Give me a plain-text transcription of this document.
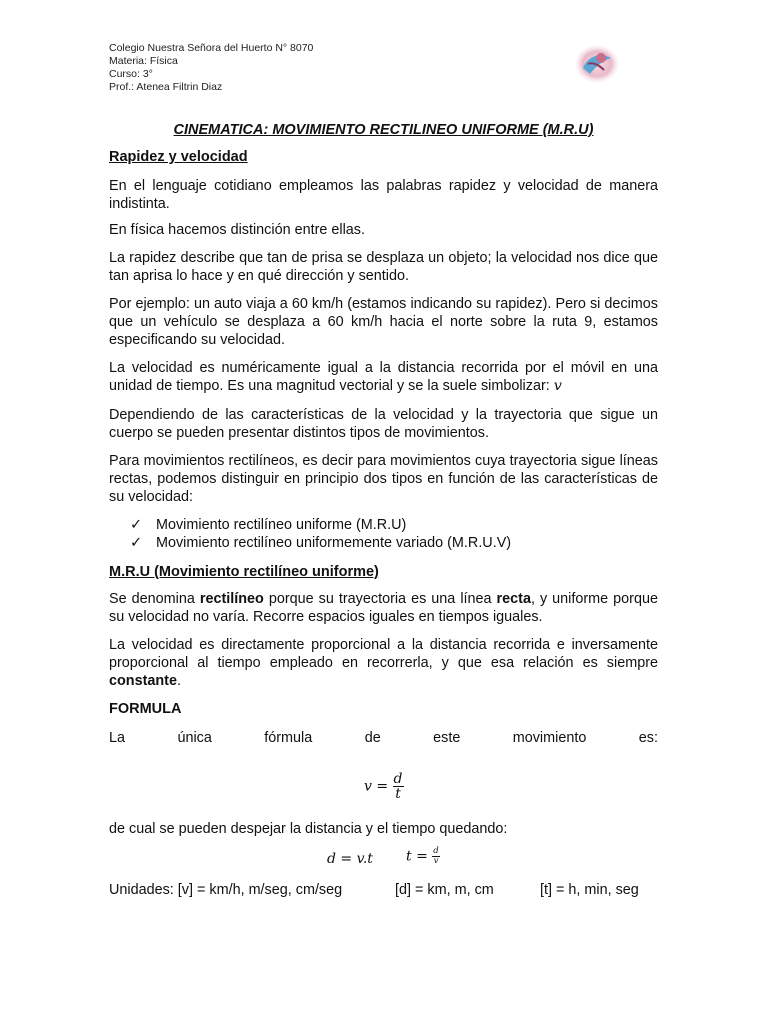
Colegio Nuestra Señora del Huerto N° 8070
Materia: Física
Curso: 3°
Prof.: Atenea Filtrin Diaz
CINEMATICA: MOVIMIENTO RECTILINEO UNIFORME (M.R.U)
Rapidez y velocidad
En el lenguaje cotidiano empleamos las palabras rapidez y velocidad de manera indistinta.
En física hacemos distinción entre ellas.
La rapidez describe que tan de prisa se desplaza un objeto; la velocidad nos dice que tan aprisa lo hace y en qué dirección y sentido.
Por ejemplo: un auto viaja a 60 km/h (estamos indicando su rapidez). Pero si decimos que un vehículo se desplaza a 60 km/h hacia el norte sobre la ruta 9, estamos especificando su velocidad.
La velocidad es numéricamente igual a la distancia recorrida por el móvil en una unidad de tiempo. Es una magnitud vectorial y se la suele simbolizar: v
Dependiendo de las características de la velocidad y la trayectoria que sigue un cuerpo se pueden presentar distintos tipos de movimientos.
Para movimientos rectilíneos, es decir para movimientos cuya trayectoria sigue líneas rectas, podemos distinguir en principio dos tipos en función de las características de su velocidad:
✓ Movimiento rectilíneo uniforme (M.R.U)
✓ Movimiento rectilíneo uniformemente variado (M.R.U.V)
M.R.U (Movimiento rectilíneo uniforme)
Se denomina rectilíneo porque su trayectoria es una línea recta, y uniforme porque su velocidad no varía. Recorre espacios iguales en tiempos iguales.
La velocidad es directamente proporcional a la distancia recorrida e inversamente proporcional al tiempo empleado en recorrerla, y que esa relación es siempre constante.
FORMULA
La	única	fórmula	de	este	movimiento	es:
$v = \frac{d}{t}$
de cual se pueden despejar la distancia y el tiempo quedando:
d = v.t $t = \frac{d}{v}$
Unidades: [v] = km/h, m/seg, cm/seg	[d] = km, m, cm	[t] = h, min, seg
